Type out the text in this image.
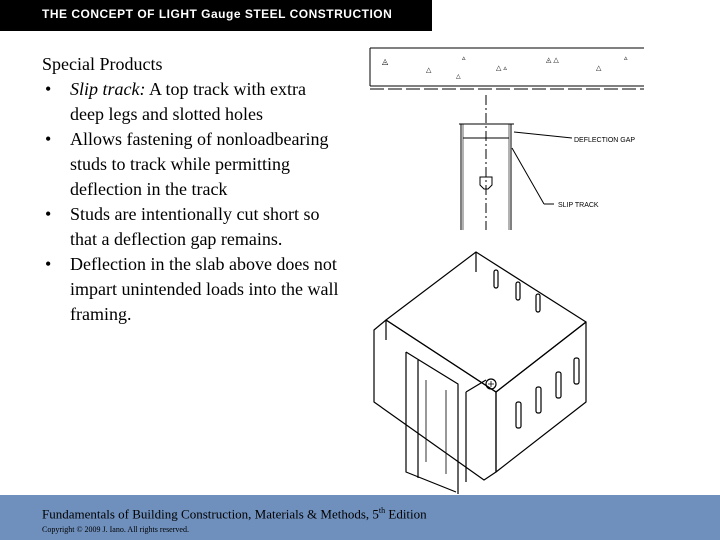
THE CONCEPT OF LIGHT Gauge STEEL CONSTRUCTION
Special Products
• Slip track: A top track with extra deep legs and slotted holes
• Allows fastening of nonloadbearing studs to track while permitting deflection in the track
• Studs are intentionally cut short so that a deflection gap remains.
• Deflection in the slab above does not impart unintended loads into the wall framing.
◬
△
▵
△ ▵
◬ △
△
▵
△
DEFLECTION GAP
SLIP TRACK
Fundamentals of Building Construction, Materials & Methods, 5th Edition
Copyright © 2009 J. Iano. All rights reserved.
